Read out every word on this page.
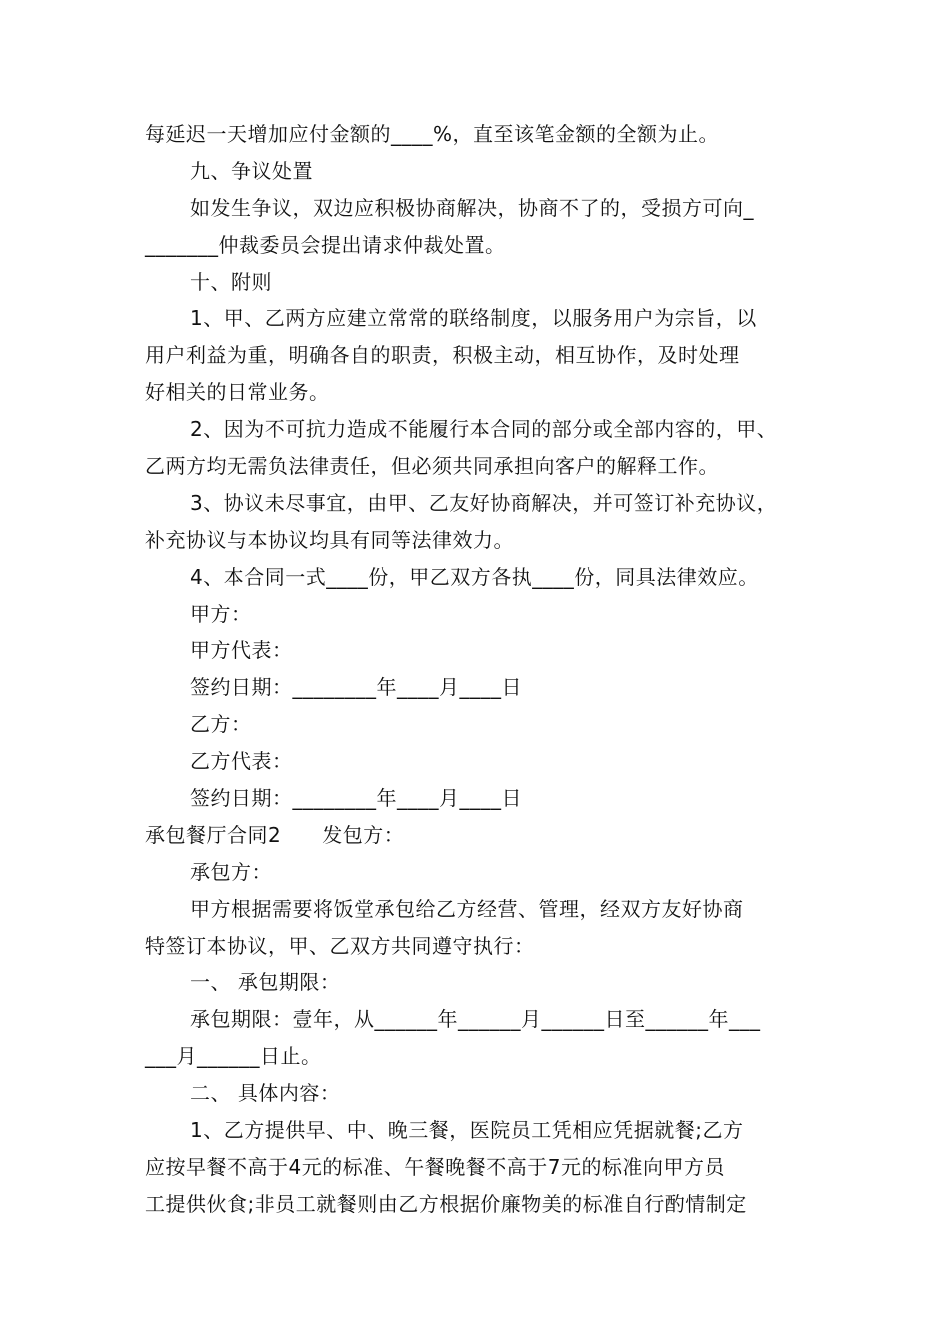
每延迟一天增加应付金额的____%，直至该笔金额的全额为止。
九、争议处置
如发生争议，双边应积极协商解决，协商不了的，受损方可向_
_______仲裁委员会提出请求仲裁处置。
十、附则
1、甲、乙两方应建立常常的联络制度，以服务用户为宗旨，以
用户利益为重，明确各自的职责，积极主动，相互协作，及时处理
好相关的日常业务。
2、因为不可抗力造成不能履行本合同的部分或全部内容的，甲、
乙两方均无需负法律责任，但必须共同承担向客户的解释工作。
3、协议未尽事宜，由甲、乙友好协商解决，并可签订补充协议，
补充协议与本协议均具有同等法律效力。
4、本合同一式____份，甲乙双方各执____份，同具法律效应。
甲方：
甲方代表：
签约日期：________年____月____日
乙方：
乙方代表：
签约日期：________年____月____日
承包餐厅合同2　　发包方：
承包方：
甲方根据需要将饭堂承包给乙方经营、管理，经双方友好协商
特签订本协议，甲、乙双方共同遵守执行：
一、 承包期限：
承包期限：壹年，从______年______月______日至______年___
___月______日止。
二、 具体内容：
1、乙方提供早、中、晚三餐，医院员工凭相应凭据就餐;乙方
应按早餐不高于4元的标准、午餐晚餐不高于7元的标准向甲方员
工提供伙食;非员工就餐则由乙方根据价廉物美的标准自行酌情制定
